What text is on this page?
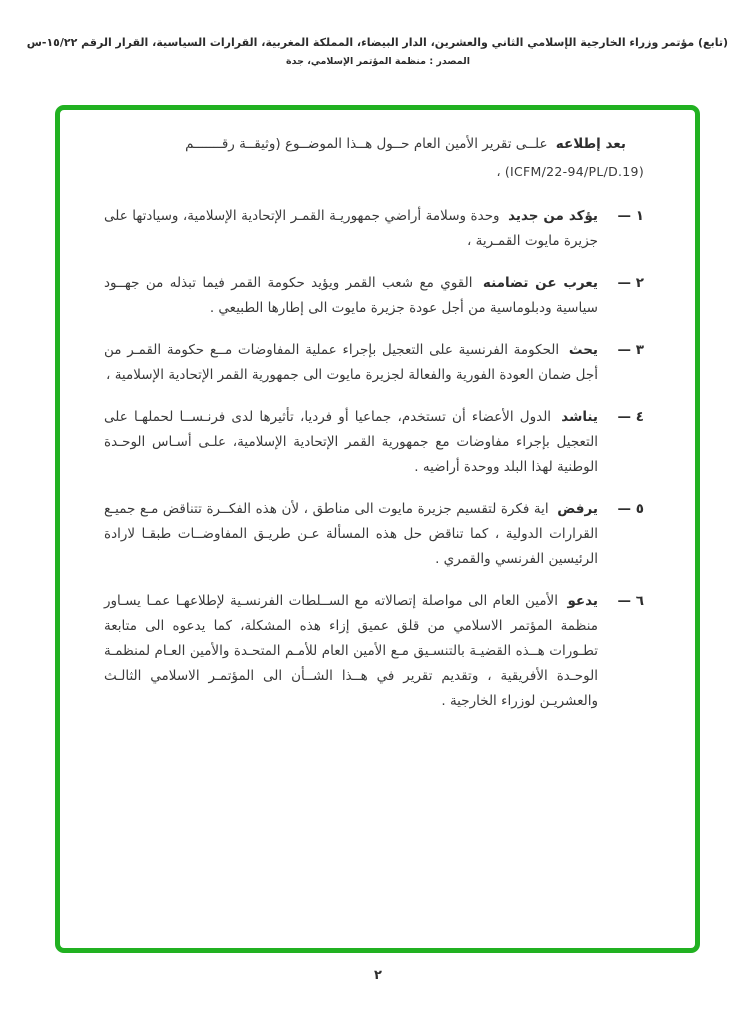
(تابع) مؤتمر وزراء الخارجية الإسلامي الثاني والعشرين، الدار البيضاء، المملكة المغربية، القرارات السياسية، القرار الرقم ١٥/٢٢-س
المصدر : منظمة المؤتمر الإسلامي، جدة

بعد إطلاعه علــى تقرير الأمين العام حــول هــذا الموضــوع (وثيقــة رقـــــــم

(ICFM/22-94/PL/D.19) ،

١ —

يؤكد من جديد وحدة وسلامة أراضي جمهوريـة القمـر الإتحادية الإسلامية، وسيادتها على جزيرة مايوت القمـرية ،

٢ —

يعرب عن تضامنه القوي مع شعب القمر ويؤيد حكومة القمر فيما تبذله من جهــود سياسية ودبلوماسية من أجل عودة جزيرة مايوت الى إطارها الطبيعي .

٣ —

يحث الحكومة الفرنسية على التعجيل بإجراء عملية المفاوضات مــع حكومة القمـر من أجل ضمان العودة الفورية والفعالة لجزيرة مايوت الى جمهورية القمر الإتحادية الإسلامية ،

٤ —

يناشد الدول الأعضاء أن تستخدم، جماعيا أو فرديا، تأثيرها لدى فرنـســا لحملهـا على التعجيل بإجراء مفاوضات مع جمهورية القمر الإتحادية الإسلامية، علـى أسـاس الوحـدة الوطنية لهذا البلد ووحدة أراضيه .

٥ —

يرفض اية فكرة لتقسيم جزيرة مايوت الى مناطق ، لأن هذه الفكــرة تتناقض مـع جميـع القرارات الدولية ، كما تناقض حل هذه المسألة عـن طريـق المفاوضــات طبقـا لارادة الرئيسين الفرنسي والقمري .

٦ —

يدعو الأمين العام الى مواصلة إتصالاته مع الســلطات الفرنسـية لإطلاعهـا عمـا يسـاور منظمة المؤتمر الاسلامي من قلق عميق إزاء هذه المشكلة، كما يدعوه الى متابعة تطـورات هــذه القضيـة بالتنسـيق مـع الأمين العام للأمـم المتحـدة والأمين العـام لمنظمـة الوحـدة الأفريقية ، وتقديم تقرير في هــذا الشــأن الى المؤتمـر الاسلامي الثالـث والعشريـن لوزراء الخارجية .

٢
